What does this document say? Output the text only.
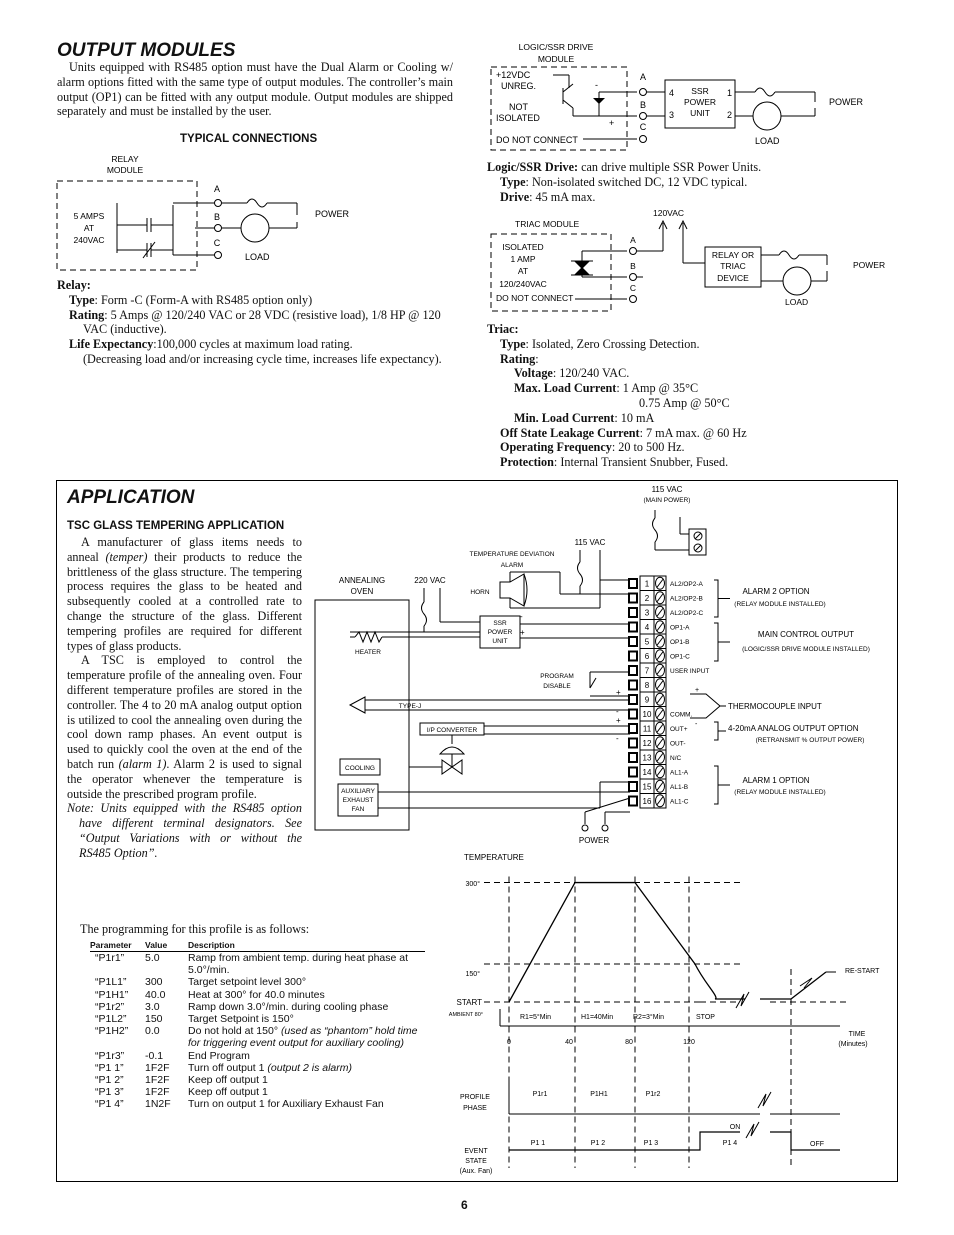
OUTPUT MODULES

Units equipped with RS485 option must have the Dual Alarm or Cooling w/ alarm options fitted with the same type of output modules. The controller’s main output (OP1) can be fitted with any output module. Output modules are shipped separately and must be installed by the user.

TYPICAL CONNECTIONS
RELAY
MODULE
5 AMPS
AT
240VAC
A
B
C
POWER
LOAD
Relay:
Type: Form -C (Form-A with RS485 option only)
Rating: 5 Amps @ 120/240 VAC or 28 VDC (resistive load), 1/8 HP @ 120
VAC (inductive).
Life Expectancy:100,000 cycles at maximum load rating.
(Decreasing load and/or increasing cycle time, increases life expectancy).
LOGIC/SSR DRIVE
MODULE
+12VDC
UNREG.
NOT
ISOLATED
DO NOT CONNECT
-
+
A
B
C
4
3
1
2
SSR
POWER
UNIT
POWER
LOAD
Logic/SSR Drive: can drive multiple SSR Power Units.
Type: Non-isolated switched DC, 12 VDC typical.
Drive: 45 mA max.
TRIAC MODULE
120VAC
ISOLATED
1 AMP
AT
120/240VAC
DO NOT CONNECT
A
B
C
RELAY OR
TRIAC
DEVICE
POWER
LOAD
Triac:
Type: Isolated, Zero Crossing Detection.
Rating:
Voltage: 120/240 VAC.
Max. Load Current: 1 Amp @ 35°C
0.75 Amp @ 50°C
Min. Load Current: 10 mA
Off State Leakage Current: 7 mA max. @ 60 Hz
Operating Frequency: 20 to 500 Hz.
Protection: Internal Transient Snubber, Fused.
APPLICATION
TSC GLASS TEMPERING APPLICATION

A manufacturer of glass items needs to anneal (temper) their products to reduce the brittleness of the glass structure. The tempering process requires the glass to be heated and subsequently cooled at a controlled rate to change the structure of the glass. Different tempering profiles are required for different types of glass products.

A TSC is employed to control the temperature profile of the annealing oven. Four different temperature profiles are stored in the controller. The 4 to 20 mA analog output option is utilized to cool the annealing oven during the cool down ramp phases. An event output is used to quickly cool the oven at the end of the batch run (alarm 1). Alarm 2 is used to signal the operator whenever the temperature is outside the prescribed program profile.

Note: Units equipped with the RS485 option have different terminal designators. See “Output Variations with or without the RS485 Option”.

The programming for this profile is as follows:
Parameter	Value	Description
“P1r1”	5.0	Ramp from ambient temp. during heat phase at
5.0°/min.
“P1L1”	300	Target setpoint level 300°
“P1H1”	40.0	Heat at 300° for 40.0 minutes
“P1r2”	3.0	Ramp down 3.0°/min. during cooling phase
“P1L2”	150	Target Setpoint is 150°
“P1H2”	0.0	Do not hold at 150° (used as “phantom” hold time
for triggering event output for auxiliary cooling)
“P1r3”	-0.1	End Program
“P1 1”	1F2F	Turn off output 1 (output 2 is alarm)
“P1 2”	1F2F	Keep off output 1
“P1 3”	1F2F	Keep off output 1
“P1 4”	1N2F	Turn on output 1 for Auxiliary Exhaust Fan
115 VAC
(MAIN POWER)
115 VAC
TEMPERATURE DEVIATION
ALARM
HORN
ANNEALING
OVEN
220 VAC
HEATER
SSR
POWER
UNIT
-
+
PROGRAM
DISABLE
TYPE-J
+
-
I/P CONVERTER
+
-
COOLING
AUXILIARY
EXHAUST
FAN
POWER
1	AL2/OP2-A
2	AL2/OP2-B
3	AL2/OP2-C
4	OP1-A
5	OP1-B
6	OP1-C
7	USER INPUT
8
9
10	COMM.
11	OUT+
12	OUT-
13	N/C
14	AL1-A
15	AL1-B
16	AL1-C
ALARM 2 OPTION
(RELAY MODULE INSTALLED)
MAIN CONTROL OUTPUT
(LOGIC/SSR DRIVE MODULE INSTALLED)
+
-
THERMOCOUPLE INPUT
4-20mA ANALOG OUTPUT OPTION
(RETRANSMIT % OUTPUT POWER)
ALARM 1 OPTION
(RELAY MODULE INSTALLED)
TEMPERATURE
300°
150°
START
AMBIENT 80°
RE-START
R1=5°Min	H1=40Min	R2=3°Min	STOP
0	40	80	120
TIME
(Minutes)
PROFILE
PHASE
P1r1	P1H1	P1r2
EVENT
STATE
(Aux. Fan)
ON
OFF
P1 1	P1 2	P1 3	P1 4
6
